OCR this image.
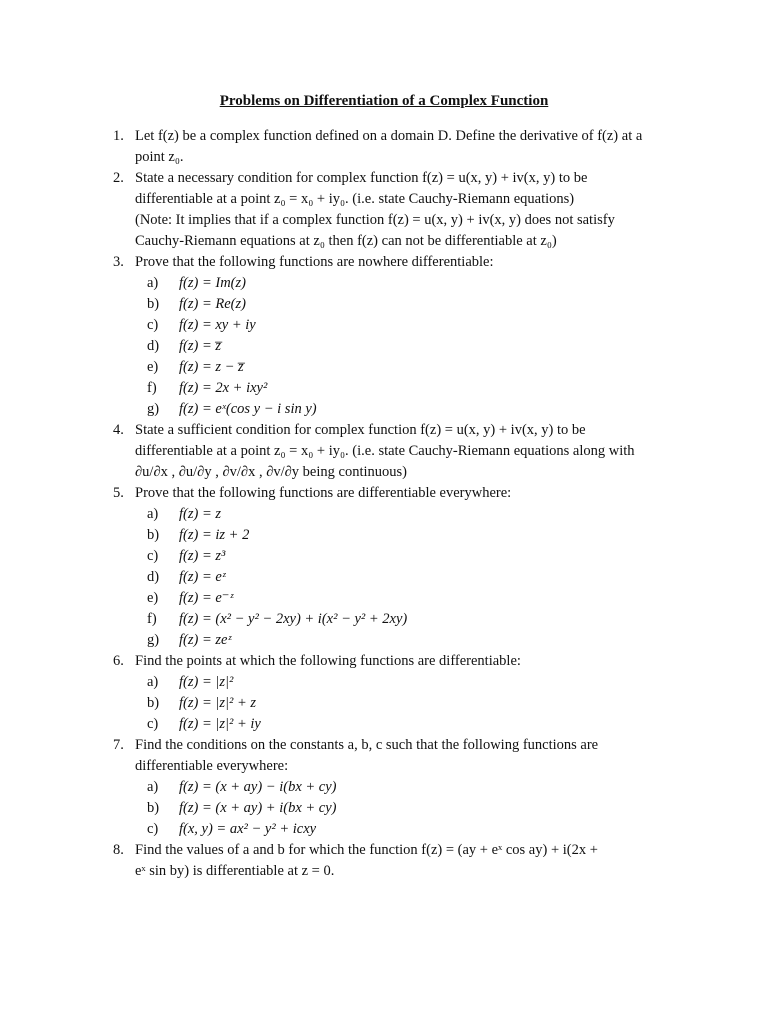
Problems on Differentiation of a Complex Function
1. Let f(z) be a complex function defined on a domain D. Define the derivative of f(z) at a
point z₀.
2. State a necessary condition for complex function f(z) = u(x, y) + iv(x, y) to be
differentiable at a point z₀ = x₀ + iy₀. (i.e. state Cauchy-Riemann equations)
(Note: It implies that if a complex function f(z) = u(x, y) + iv(x, y) does not satisfy
Cauchy-Riemann equations at z₀ then f(z) can not be differentiable at z₀)
3. Prove that the following functions are nowhere differentiable:
a) f(z) = Im(z)
b) f(z) = Re(z)
c) f(z) = xy + iy
d) f(z) = z̅
e) f(z) = z − z̅
f) f(z) = 2x + ixy²
g) f(z) = eˣ(cos y − i sin y)
4. State a sufficient condition for complex function f(z) = u(x, y) + iv(x, y) to be
differentiable at a point z₀ = x₀ + iy₀. (i.e. state Cauchy-Riemann equations along with
∂u/∂x , ∂u/∂y , ∂v/∂x , ∂v/∂y being continuous)
5. Prove that the following functions are differentiable everywhere:
a) f(z) = z
b) f(z) = iz + 2
c) f(z) = z³
d) f(z) = eᶻ
e) f(z) = e⁻ᶻ
f) f(z) = (x² − y² − 2xy) + i(x² − y² + 2xy)
g) f(z) = zeᶻ
6. Find the points at which the following functions are differentiable:
a) f(z) = |z|²
b) f(z) = |z|² + z
c) f(z) = |z|² + iy
7. Find the conditions on the constants a, b, c such that the following functions are
differentiable everywhere:
a) f(z) = (x + ay) − i(bx + cy)
b) f(z) = (x + ay) + i(bx + cy)
c) f(x, y) = ax² − y² + icxy
8. Find the values of a and b for which the function f(z) = (ay + eˣ cos ay) + i(2x +
eˣ sin by) is differentiable at z = 0.
